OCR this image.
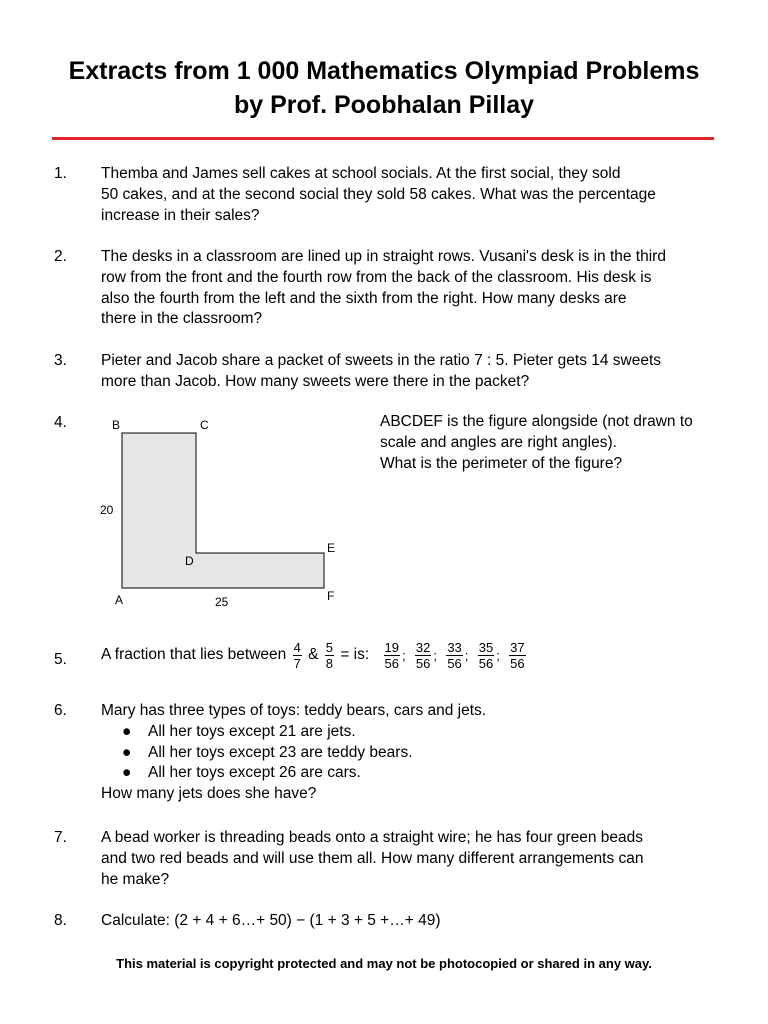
Extracts from 1 000 Mathematics Olympiad Problems
by Prof. Poobhalan Pillay
1.	Themba and James sell cakes at school socials. At the first social, they sold
50 cakes, and at the second social they sold 58 cakes. What was the percentage
increase in their sales?
2.	The desks in a classroom are lined up in straight rows. Vusani's desk is in the third
row from the front and the fourth row from the back of the classroom. His desk is
also the fourth from the left and the sixth from the right. How many desks are
there in the classroom?
3.	Pieter and Jacob share a packet of sweets in the ratio 7 : 5. Pieter gets 14 sweets
more than Jacob. How many sweets were there in the packet?
4.	B	C
20
E
D
A	25	F
ABCDEF is the figure alongside (not drawn to
scale and angles are right angles).
What is the perimeter of the figure?
5.	A fraction that lies between $\frac{4}{7}$ & $\frac{5}{8}$ = is: $\frac{19}{56}$ ; $\frac{32}{56}$ ; $\frac{33}{56}$ ; $\frac{35}{56}$ ; $\frac{37}{56}$
6.	Mary has three types of toys: teddy bears, cars and jets.
● All her toys except 21 are jets.
● All her toys except 23 are teddy bears.
● All her toys except 26 are cars.
How many jets does she have?
7.	A bead worker is threading beads onto a straight wire; he has four green beads
and two red beads and will use them all. How many different arrangements can
he make?
8.	Calculate: (2 + 4 + 6…+ 50) − (1 + 3 + 5 +…+ 49)
This material is copyright protected and may not be photocopied or shared in any way.
